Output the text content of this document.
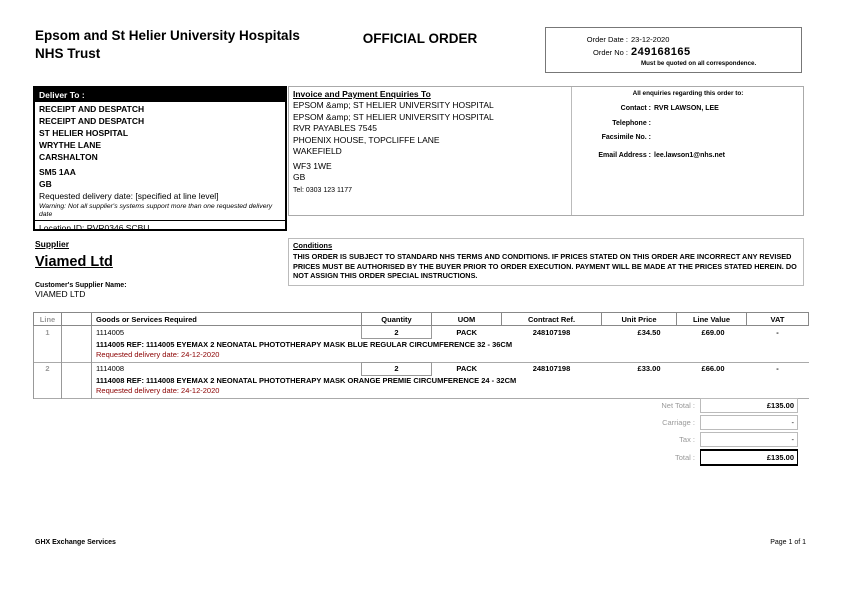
Epsom and St Helier University Hospitals NHS Trust
OFFICIAL ORDER	Order Date : 23-12-2020
Order No : 249168165
Must be quoted on all correspondence.
Deliver To :
RECEIPT AND DESPATCH
RECEIPT AND DESPATCH
ST HELIER HOSPITAL
WRYTHE LANE
CARSHALTON
SM5 1AA
GB
Requested delivery date: [specified at line level]
Warning: Not all supplier's systems support more than one requested delivery date
Location ID: RVR0346 SCBU
Invoice and Payment Enquiries To
EPSOM &amp; ST HELIER UNIVERSITY HOSPITAL
EPSOM &amp; ST HELIER UNIVERSITY HOSPITAL
RVR PAYABLES 7545
PHOENIX HOUSE, TOPCLIFFE LANE
WAKEFIELD
WF3 1WE
GB
Tel: 0303 123 1177
All enquiries regarding this order to:
Contact : RVR LAWSON, LEE
Telephone :
Facsimile No. :
Email Address : lee.lawson1@nhs.net
Supplier
Viamed Ltd
Customer's Supplier Name:
VIAMED LTD
Conditions
THIS ORDER IS SUBJECT TO STANDARD NHS TERMS AND CONDITIONS. IF PRICES STATED ON THIS ORDER ARE INCORRECT ANY REVISED PRICES MUST BE AUTHORISED BY THE BUYER PRIOR TO ORDER EXECUTION. PAYMENT WILL BE MADE AT THE PRICES STATED HEREIN. DO NOT ASSIGN THIS ORDER SPECIAL INSTRUCTIONS.
Line		Goods or Services Required	Quantity	UOM	Contract Ref.	Unit Price	Line Value	VAT
1		1114005	2	PACK	248107198	£34.50	£69.00	-
		1114005 REF: 1114005 EYEMAX 2 NEONATAL PHOTOTHERAPY MASK BLUE REGULAR CIRCUMFERENCE 32 - 36CM						
		Requested delivery date: 24-12-2020						
2		1114008	2	PACK	248107198	£33.00	£66.00	-
		1114008 REF: 1114008 EYEMAX 2 NEONATAL PHOTOTHERAPY MASK ORANGE PREMIE CIRCUMFERENCE 24 - 32CM						
		Requested delivery date: 24-12-2020						
Net Total :	£135.00
Carriage :	-
Tax :	-
Total :	£135.00
GHX Exchange Services	Page 1 of 1
